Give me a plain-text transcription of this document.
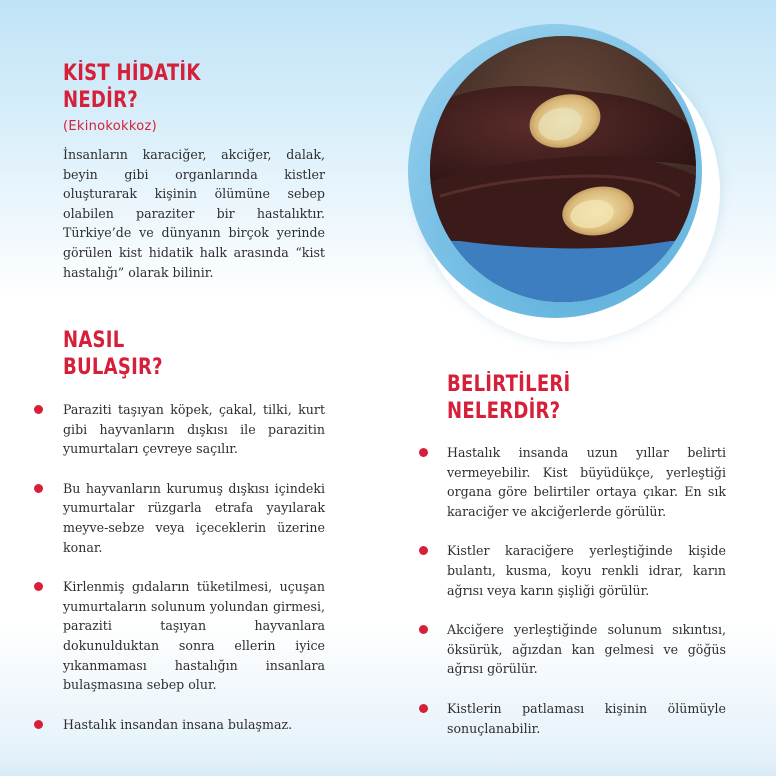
KİST HİDATİK
NEDİR?
(Ekinokokkoz)

İnsanların karaciğer, akciğer, dalak, beyin gibi organlarında kistler oluşturarak kişinin ölümüne sebep olabilen paraziter bir hastalıktır. Türkiye’de ve dünyanın birçok yerinde görülen kist hidatik halk arasında “kist hastalığı” olarak bilinir.

NASIL
BULAŞIR?
Paraziti taşıyan köpek, çakal, tilki, kurt gibi hayvanların dışkısı ile parazitin yumurtaları çevreye saçılır.
Bu hayvanların kurumuş dışkısı içindeki yumurtalar rüzgarla etrafa yayılarak meyve-sebze veya içeceklerin üzerine konar.
Kirlenmiş gıdaların tüketilmesi, uçuşan yumurtaların solunum yolundan girmesi, paraziti taşıyan hayvanlara dokunulduktan sonra ellerin iyice yıkanmaması hastalığın insanlara bulaşmasına sebep olur.
Hastalık insandan insana bulaşmaz.
BELİRTİLERİ
NELERDİR?
Hastalık insanda uzun yıllar belirti vermeyebilir. Kist büyüdükçe, yerleştiği organa göre belirtiler ortaya çıkar. En sık karaciğer ve akciğerlerde görülür.
Kistler karaciğere yerleştiğinde kişide bulantı, kusma, koyu renkli idrar, karın ağrısı veya karın şişliği görülür.
Akciğere yerleştiğinde solunum sıkıntısı, öksürük, ağızdan kan gelmesi ve göğüs ağrısı görülür.
Kistlerin patlaması kişinin ölümüyle sonuçlanabilir.
